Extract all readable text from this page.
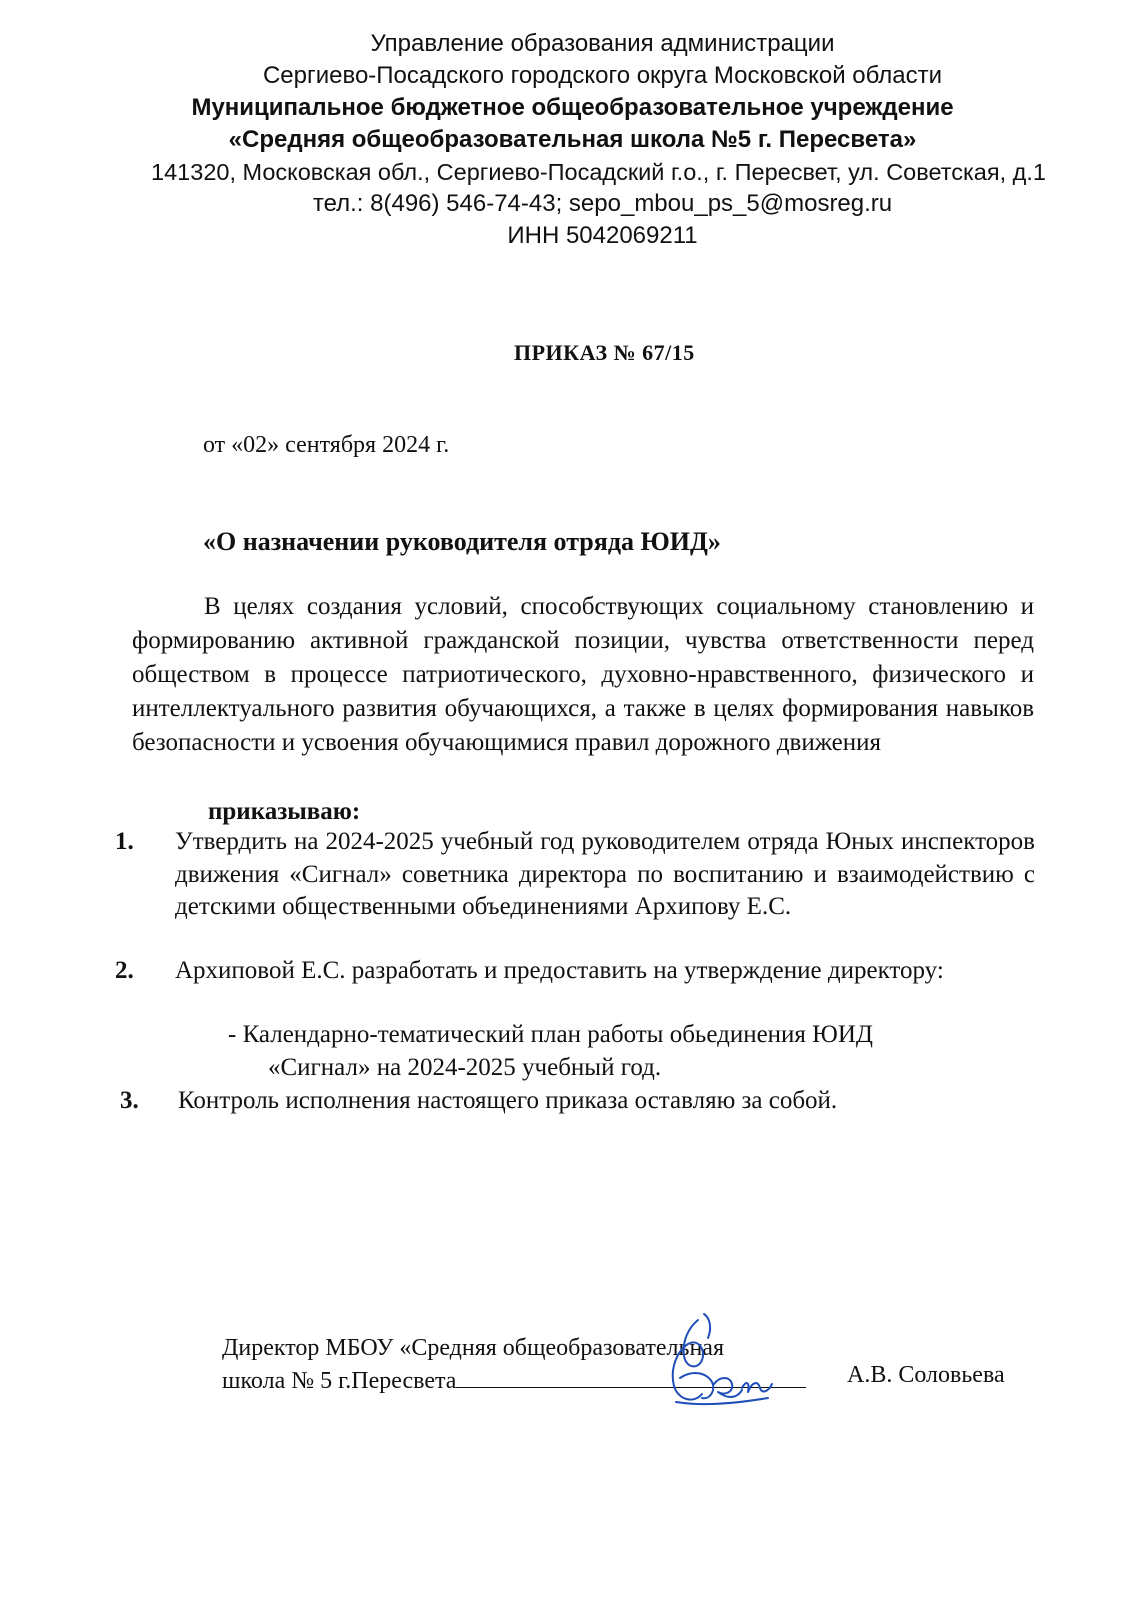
Управление образования администрации
Сергиево-Посадского городского округа Московской области
Муниципальное бюджетное общеобразовательное учреждение
«Средняя общеобразовательная школа №5 г. Пересвета»
141320, Московская обл., Сергиево-Посадский г.о., г. Пересвет, ул. Советская, д.1
тел.: 8(496) 546-74-43; sepo_mbou_ps_5@mosreg.ru
ИНН 5042069211
ПРИКАЗ № 67/15
от «02» сентября 2024 г.
«О назначении руководителя отряда ЮИД»
В целях создания условий, способствующих социальному становлению и формированию активной гражданской позиции, чувства ответственности перед обществом в процессе патриотического, духовно-нравственного, физического и интеллектуального развития обучающихся, а также в целях формирования навыков безопасности и усвоения обучающимися правил дорожного движения
приказываю:
1. Утвердить на 2024-2025 учебный год руководителем отряда Юных инспекторов движения «Сигнал» советника директора по воспитанию и взаимодействию с детскими общественными объединениями Архипову Е.С.
2. Архиповой Е.С. разработать и предоставить на утверждение директору:
- Календарно-тематический план работы обьединения ЮИД
«Сигнал» на 2024-2025 учебный год.
3. Контроль исполнения настоящего приказа оставляю за собой.
Директор МБОУ «Средняя общеобразовательная
школа № 5 г.Пересвета	А.В. Соловьева
